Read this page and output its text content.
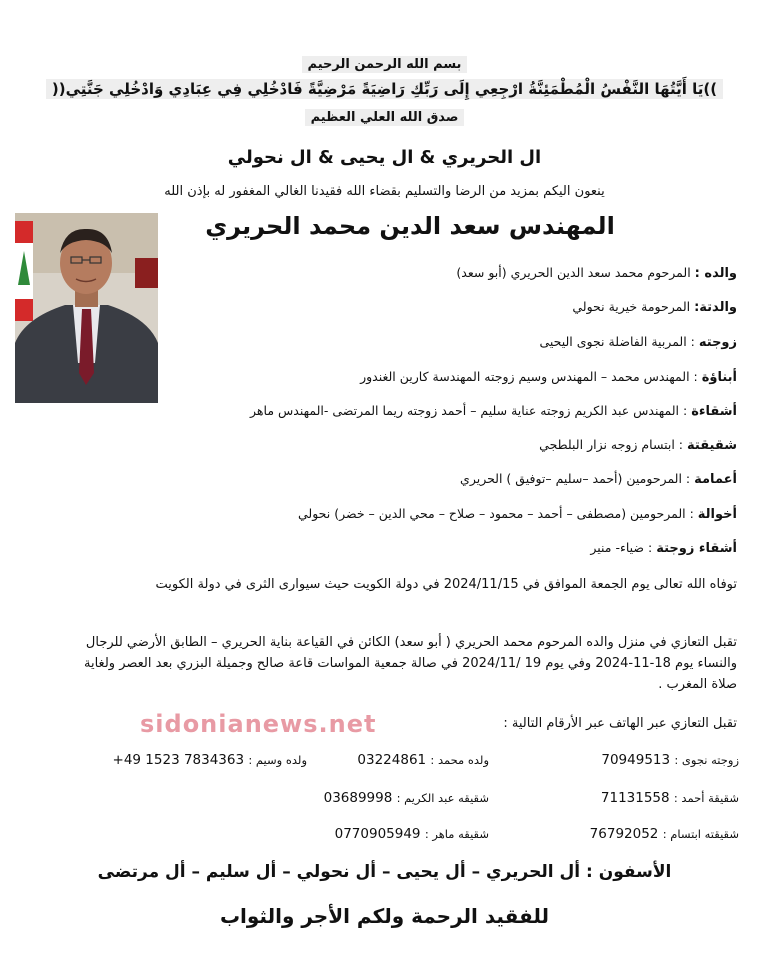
بسم الله الرحمن الرحيم
))يَا أَيَّتُهَا النَّفْسُ الْمُطْمَئِنَّةُ ارْجِعِي إِلَى رَبِّكِ رَاضِيَةً مَرْضِيَّةً فَادْخُلِي فِي عِبَادِي وَادْخُلِي جَنَّتِي((
صدق الله العلي العظيم
ال الحريري & ال يحيى & ال نحولي
ينعون اليكم بمزيد من الرضا والتسليم بقضاء الله فقيدنا الغالي المغفور له بإذن الله
المهندس سعد الدين محمد الحريري
والده : المرحوم محمد سعد الدين الحريري (أبو سعد)
والدتة: المرحومة خيرية نحولي
زوجته : المربية الفاضلة نجوى اليحيى
أبناؤة : المهندس محمد – المهندس وسيم زوجته المهندسة كارين الغندور
أشقاءة : المهندس عبد الكريم زوجته عناية سليم – أحمد زوجته ريما المرتضى -المهندس ماهر
شقيقتة : ابتسام زوجه نزار البلطجي
أعمامة : المرحومين (أحمد –سليم –توفيق ) الحريري
أخوالة : المرحومين (مصطفى – أحمد – محمود – صلاح – محي الدين – خضر) نحولي
أشقاء زوجتة : ضياء- منير
توفاه الله تعالى يوم الجمعة الموافق في 2024/11/15 في دولة الكويت حيث سيوارى الثرى في دولة الكويت
تقبل التعازي في منزل والده المرحوم محمد الحريري ( أبو سعد) الكائن في القياعة بناية الحريري – الطابق الأرضي للرجال والنساء يوم 18-11-2024 وفي يوم 19 /2024/11 في صالة جمعية المواسات قاعة صالح وجميلة البزري بعد العصر ولغاية صلاة المغرب .
تقبل التعازي عبر الهاتف عبر الأرقام التالية :
sidonianews.net
زوجته نجوى : 70949513
ولده محمد : 03224861
ولده وسيم : +49 1523 7834363
شقيقة أحمد : 71131558
شقيقه عبد الكريم : 03689998
شقيقته ابتسام : 76792052
شقيقه ماهر : 0770905949
الأسفون : أل الحريري – أل يحيى – أل نحولي – أل سليم – أل مرتضى
للفقيد الرحمة ولكم الأجر والثواب
